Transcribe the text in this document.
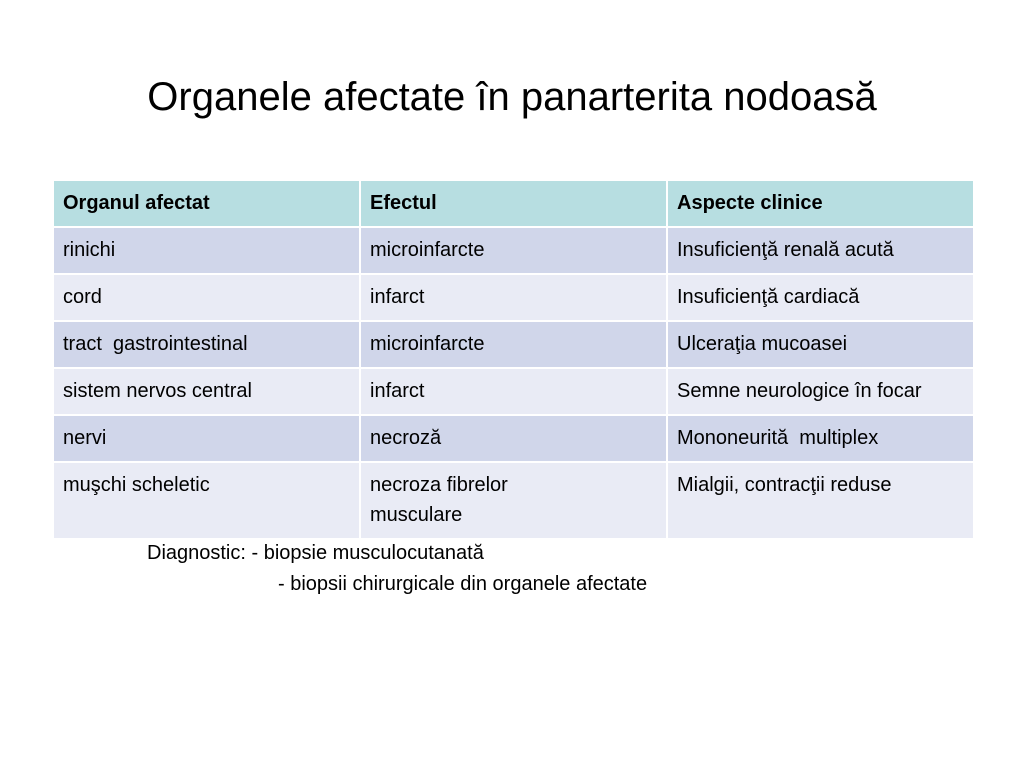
Organele afectate în panarterita nodoasă
Organul afectat	Efectul	Aspecte clinice
rinichi	microinfarcte	Insuficienţă renală acută
cord	infarct	Insuficienţă cardiacă
tract  gastrointestinal	microinfarcte	Ulceraţia mucoasei
sistem nervos central	infarct	Semne neurologice în focar
nervi	necroză	Mononeurită  multiplex
muşchi scheletic	necroza fibrelor musculare	Mialgii, contracţii reduse
Diagnostic: - biopsie musculocutanată
- biopsii chirurgicale din organele afectate
